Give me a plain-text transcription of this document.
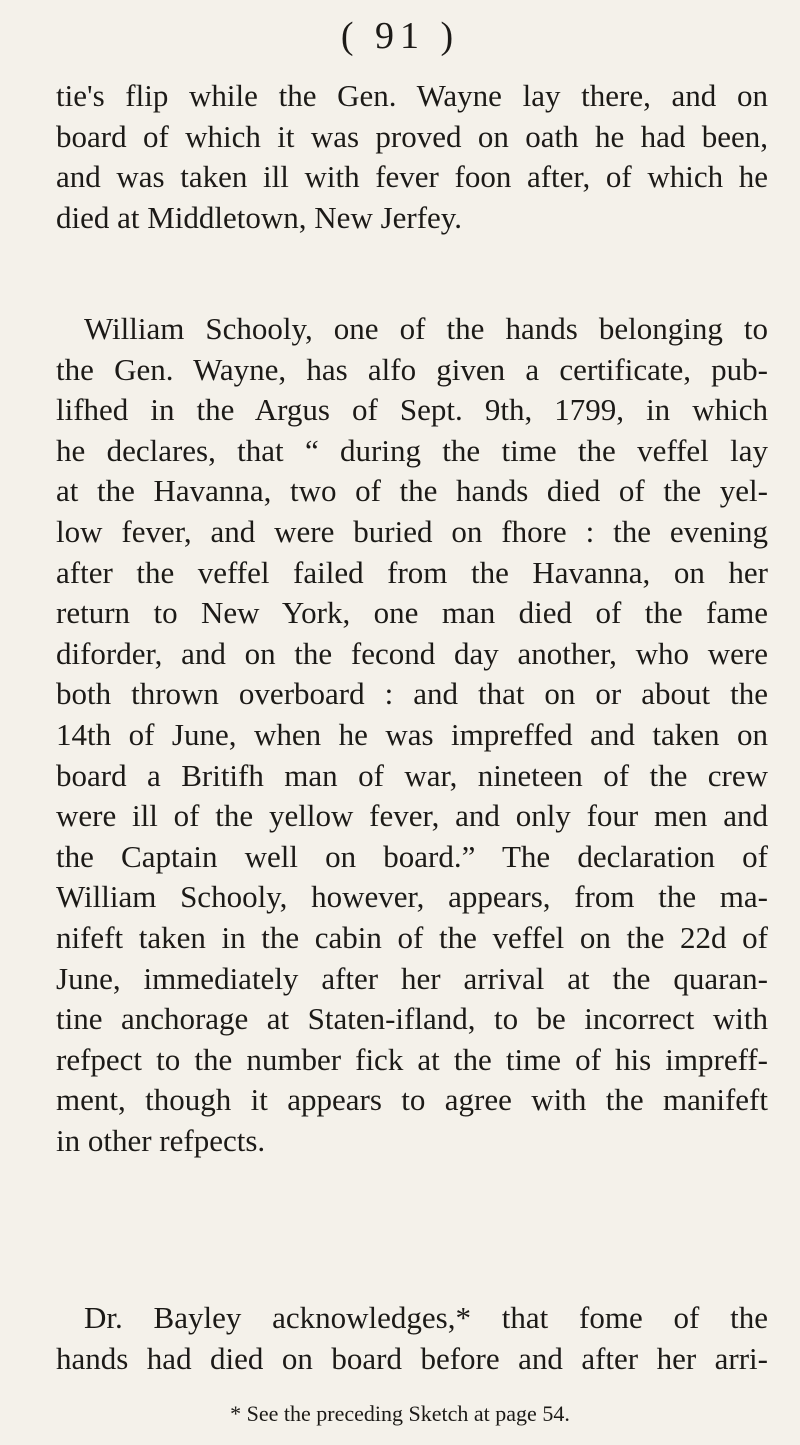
( 91 )
tie's flip while the Gen. Wayne lay there, and on
board of which it was proved on oath he had been,
and was taken ill with fever foon after, of which he
died at Middletown, New Jerfey.
William Schooly, one of the hands belonging to
the Gen. Wayne, has alfo given a certificate, pub-
lifhed in the Argus of Sept. 9th, 1799, in which
he declares, that “ during the time the veffel lay
at the Havanna, two of the hands died of the yel-
low fever, and were buried on fhore : the evening
after the veffel failed from the Havanna, on her
return to New York, one man died of the fame
diforder, and on the fecond day another, who were
both thrown overboard : and that on or about the
14th of June, when he was impreffed and taken on
board a Britifh man of war, nineteen of the crew
were ill of the yellow fever, and only four men and
the Captain well on board.” The declaration of
William Schooly, however, appears, from the ma-
nifeft taken in the cabin of the veffel on the 22d of
June, immediately after her arrival at the quaran-
tine anchorage at Staten-ifland, to be incorrect with
refpect to the number fick at the time of his impreff-
ment, though it appears to agree with the manifeft
in other refpects.
Dr. Bayley acknowledges,* that fome of the
hands had died on board before and after her arri-
* See the preceding Sketch at page 54.
